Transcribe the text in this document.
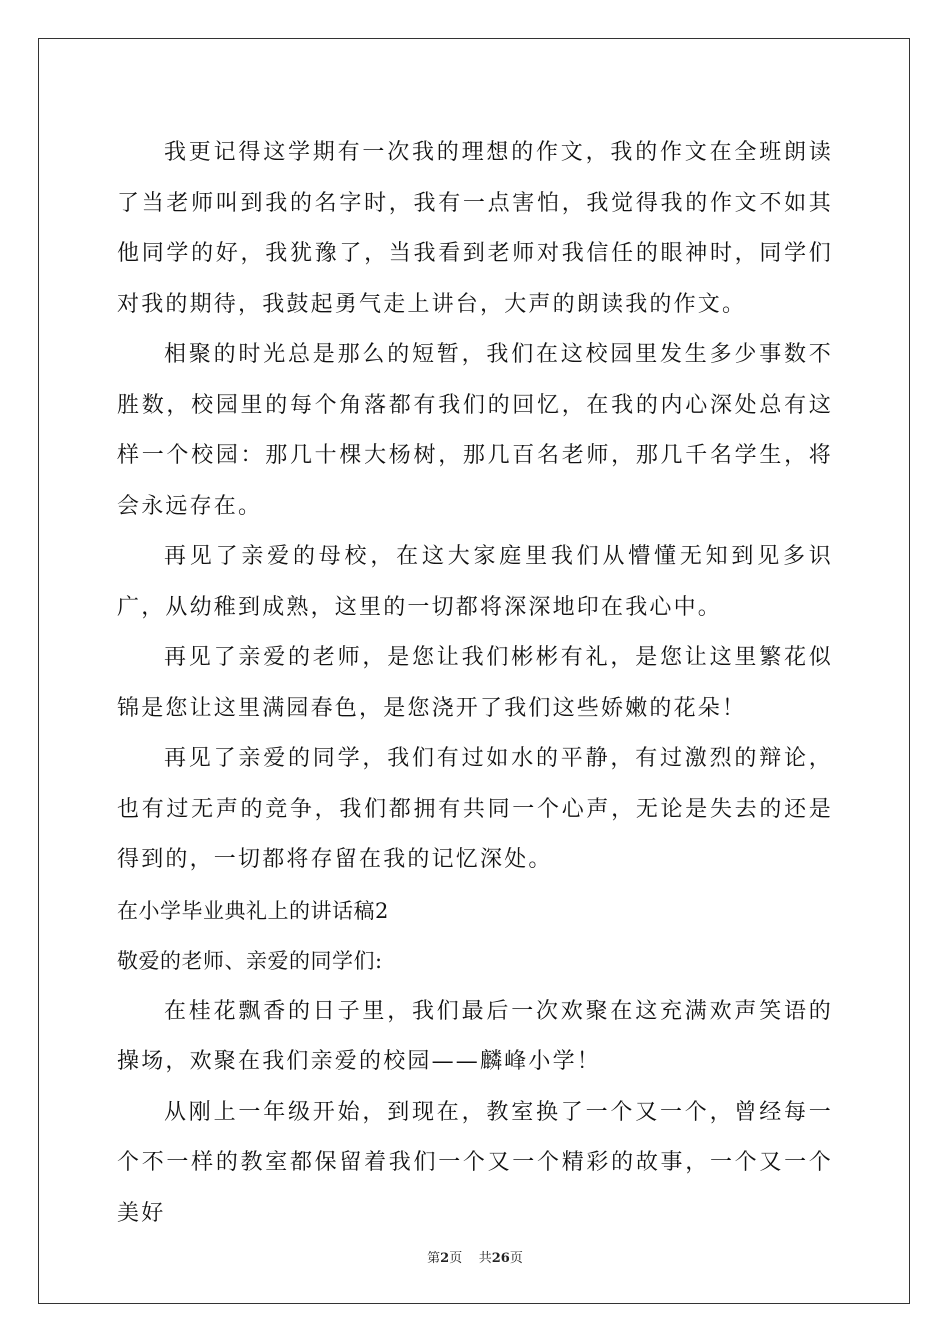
我更记得这学期有一次我的理想的作文，我的作文在全班朗读了当老师叫到我的名字时，我有一点害怕，我觉得我的作文不如其他同学的好，我犹豫了，当我看到老师对我信任的眼神时，同学们对我的期待，我鼓起勇气走上讲台，大声的朗读我的作文。

相聚的时光总是那么的短暂，我们在这校园里发生多少事数不胜数，校园里的每个角落都有我们的回忆，在我的内心深处总有这样一个校园：那几十棵大杨树，那几百名老师，那几千名学生，将会永远存在。

再见了亲爱的母校，在这大家庭里我们从懵懂无知到见多识广，从幼稚到成熟，这里的一切都将深深地印在我心中。

再见了亲爱的老师，是您让我们彬彬有礼，是您让这里繁花似锦是您让这里满园春色，是您浇开了我们这些娇嫩的花朵！

再见了亲爱的同学，我们有过如水的平静，有过激烈的辩论，也有过无声的竞争，我们都拥有共同一个心声，无论是失去的还是得到的，一切都将存留在我的记忆深处。

在小学毕业典礼上的讲话稿2

敬爱的老师、亲爱的同学们:

在桂花飘香的日子里，我们最后一次欢聚在这充满欢声笑语的操场，欢聚在我们亲爱的校园——麟峰小学！

从刚上一年级开始，到现在，教室换了一个又一个，曾经每一个不一样的教室都保留着我们一个又一个精彩的故事，一个又一个美好

第2页 共26页
